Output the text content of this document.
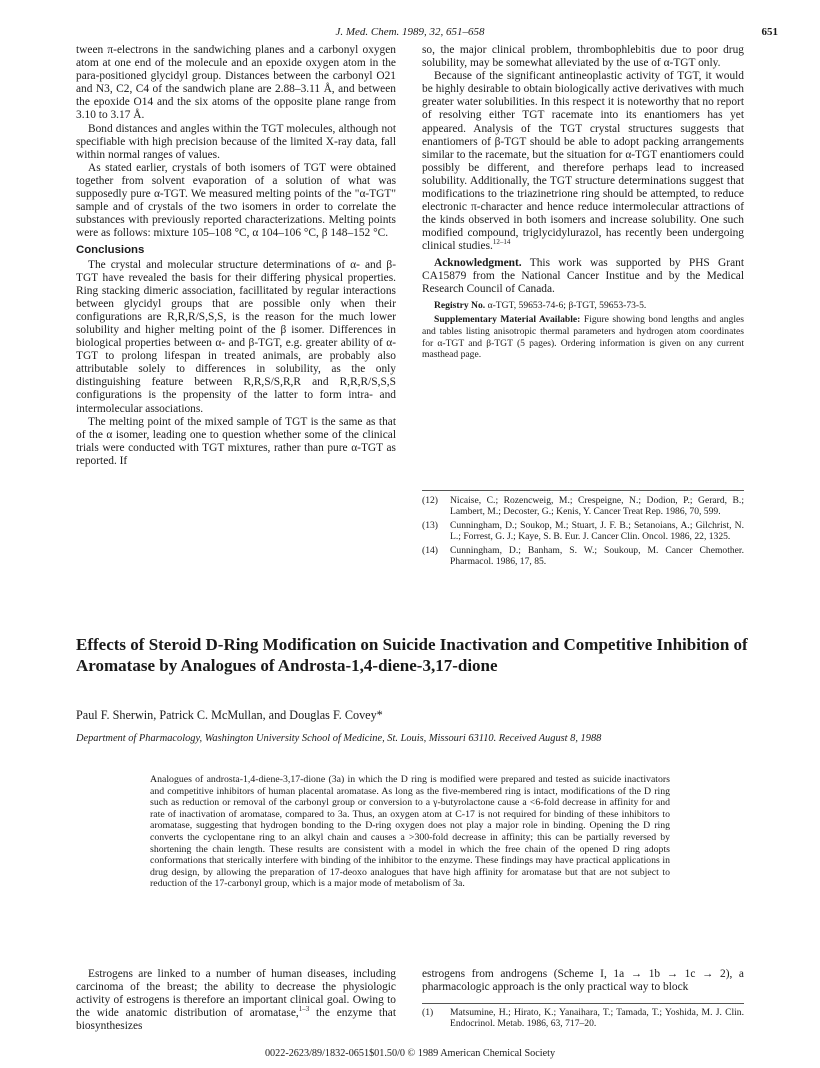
J. Med. Chem. 1989, 32, 651–658	651

tween π-electrons in the sandwiching planes and a carbonyl oxygen atom at one end of the molecule and an epoxide oxygen atom in the para-positioned glycidyl group. Distances between the carbonyl O21 and N3, C2, C4 of the sandwich plane are 2.88–3.11 Å, and between the epoxide O14 and the six atoms of the opposite plane range from 3.10 to 3.17 Å.

Bond distances and angles within the TGT molecules, although not specifiable with high precision because of the limited X-ray data, fall within normal ranges of values.

As stated earlier, crystals of both isomers of TGT were obtained together from solvent evaporation of a solution of what was supposedly pure α-TGT. We measured melting points of the "α-TGT" sample and of crystals of the two isomers in order to correlate the substances with previously reported characterizations. Melting points were as follows: mixture 105–108 °C, α 104–106 °C, β 148–152 °C.

Conclusions

The crystal and molecular structure determinations of α- and β-TGT have revealed the basis for their differing physical properties. Ring stacking dimeric association, facillitated by regular interactions between glycidyl groups that are possible only when their configurations are R,R,R/S,S,S, is the reason for the much lower solubility and higher melting point of the β isomer. Differences in biological properties between α- and β-TGT, e.g. greater ability of α-TGT to prolong lifespan in treated animals, are probably also attributable solely to differences in solubility, as the only distinguishing feature between R,R,S/S,R,R and R,R,R/S,S,S configurations is the propensity of the latter to form intra- and intermolecular associations.

The melting point of the mixed sample of TGT is the same as that of the α isomer, leading one to question whether some of the clinical trials were conducted with TGT mixtures, rather than pure α-TGT as reported. If

so, the major clinical problem, thrombophlebitis due to poor drug solubility, may be somewhat alleviated by the use of α-TGT only.

Because of the significant antineoplastic activity of TGT, it would be highly desirable to obtain biologically active derivatives with much greater water solubilities. In this respect it is noteworthy that no report of resolving either TGT racemate into its enantiomers has yet appeared. Analysis of the TGT crystal structures suggests that enantiomers of β-TGT should be able to adopt packing arrangements similar to the racemate, but the situation for α-TGT enantiomers could possibly be different, and therefore perhaps lead to increased solubility. Additionally, the TGT structure determinations suggest that modifications to the triazinetrione ring should be attempted, to reduce electronic π-character and hence reduce intermolecular attractions of the kinds observed in both isomers and increase solubility. One such modified compound, triglycidylurazol, has recently been undergoing clinical studies.$^{12-14}$

Acknowledgment. This work was supported by PHS Grant CA15879 from the National Cancer Institue and by the Medical Research Council of Canada.

Registry No. α-TGT, 59653-74-6; β-TGT, 59653-73-5.

Supplementary Material Available: Figure showing bond lengths and angles and tables listing anisotropic thermal parameters and hydrogen atom coordinates for α-TGT and β-TGT (5 pages). Ordering information is given on any current masthead page.

(12)	Nicaise, C.; Rozencweig, M.; Crespeigne, N.; Dodion, P.; Gerard, B.; Lambert, M.; Decoster, G.; Kenis, Y. Cancer Treat Rep. 1986, 70, 599.
(13)	Cunningham, D.; Soukop, M.; Stuart, J. F. B.; Setanoians, A.; Gilchrist, N. L.; Forrest, G. J.; Kaye, S. B. Eur. J. Cancer Clin. Oncol. 1986, 22, 1325.
(14)	Cunningham, D.; Banham, S. W.; Soukoup, M. Cancer Chemother. Pharmacol. 1986, 17, 85.
Effects of Steroid D-Ring Modification on Suicide Inactivation and Competitive Inhibition of Aromatase by Analogues of Androsta-1,4-diene-3,17-dione
Paul F. Sherwin, Patrick C. McMullan, and Douglas F. Covey*
Department of Pharmacology, Washington University School of Medicine, St. Louis, Missouri 63110. Received August 8, 1988
Analogues of androsta-1,4-diene-3,17-dione (3a) in which the D ring is modified were prepared and tested as suicide inactivators and competitive inhibitors of human placental aromatase. As long as the five-membered ring is intact, modifications of the D ring such as reduction or removal of the carbonyl group or conversion to a γ-butyrolactone cause a <6-fold decrease in affinity for and rate of inactivation of aromatase, compared to 3a. Thus, an oxygen atom at C-17 is not required for binding of these inhibitors to aromatase, suggesting that hydrogen bonding to the D-ring oxygen does not play a major role in binding. Opening the D ring converts the cyclopentane ring to an alkyl chain and causes a >300-fold decrease in affinity; this can be partially reversed by shortening the chain length. These results are consistent with a model in which the free chain of the opened D ring adopts conformations that sterically interfere with binding of the inhibitor to the enzyme. These findings may have practical applications in drug design, by allowing the preparation of 17-deoxo analogues that have high affinity for aromatase but that are not subject to reduction of the 17-carbonyl group, which is a major mode of metabolism of 3a.
Estrogens are linked to a number of human diseases, including carcinoma of the breast; the ability to decrease the physiologic activity of estrogens is therefore an important clinical goal. Owing to the wide anatomic distribution of aromatase,$^{1-3}$ the enzyme that biosynthesizes
estrogens from androgens (Scheme I, 1a → 1b → 1c → 2), a pharmacologic approach is the only practical way to block
(1)	Matsumine, H.; Hirato, K.; Yanaihara, T.; Tamada, T.; Yoshida, M. J. Clin. Endocrinol. Metab. 1986, 63, 717–20.
0022-2623/89/1832-0651$01.50/0 © 1989 American Chemical Society
